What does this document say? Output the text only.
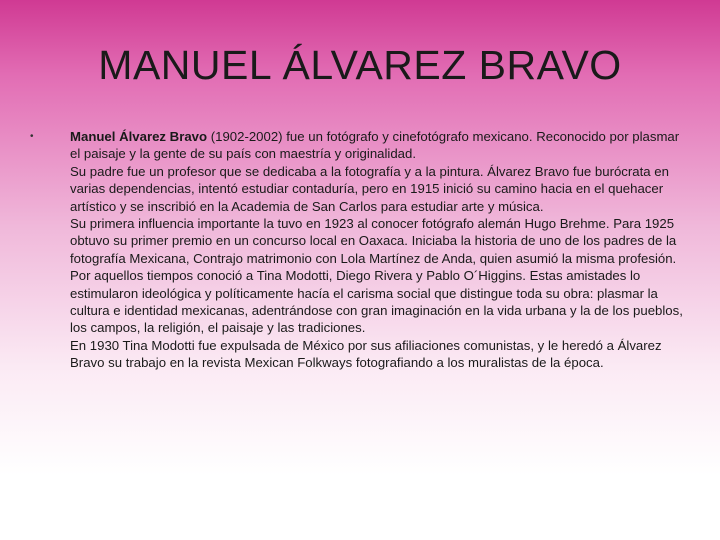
MANUEL ÁLVAREZ BRAVO
•	Manuel Álvarez Bravo (1902-2002) fue un fotógrafo y cinefotógrafo mexicano. Reconocido por plasmar el paisaje y la gente de su país con maestría y originalidad.

Su padre fue un profesor que se dedicaba a la fotografía y a la pintura. Álvarez Bravo fue burócrata en varias dependencias, intentó estudiar contaduría, pero en 1915 inició su camino hacia en el quehacer artístico y se inscribió en la Academia de San Carlos para estudiar arte y música.

Su primera influencia importante la tuvo en 1923 al conocer fotógrafo alemán Hugo Brehme. Para 1925 obtuvo su primer premio en un concurso local en Oaxaca. Iniciaba la historia de uno de los padres de la fotografía Mexicana, Contrajo matrimonio con Lola Martínez de Anda, quien asumió la misma profesión.

Por aquellos tiempos conoció a Tina Modotti, Diego Rivera y Pablo O´Higgins. Estas amistades lo estimularon ideológica y políticamente hacía el carisma social que distingue toda su obra: plasmar la cultura e identidad mexicanas, adentrándose con gran imaginación en la vida urbana y la de los pueblos, los campos, la religión, el paisaje y las tradiciones.

En 1930 Tina Modotti fue expulsada de México por sus afiliaciones comunistas, y le heredó a Álvarez Bravo su trabajo en la revista Mexican Folkways fotografiando a los muralistas de la época.
